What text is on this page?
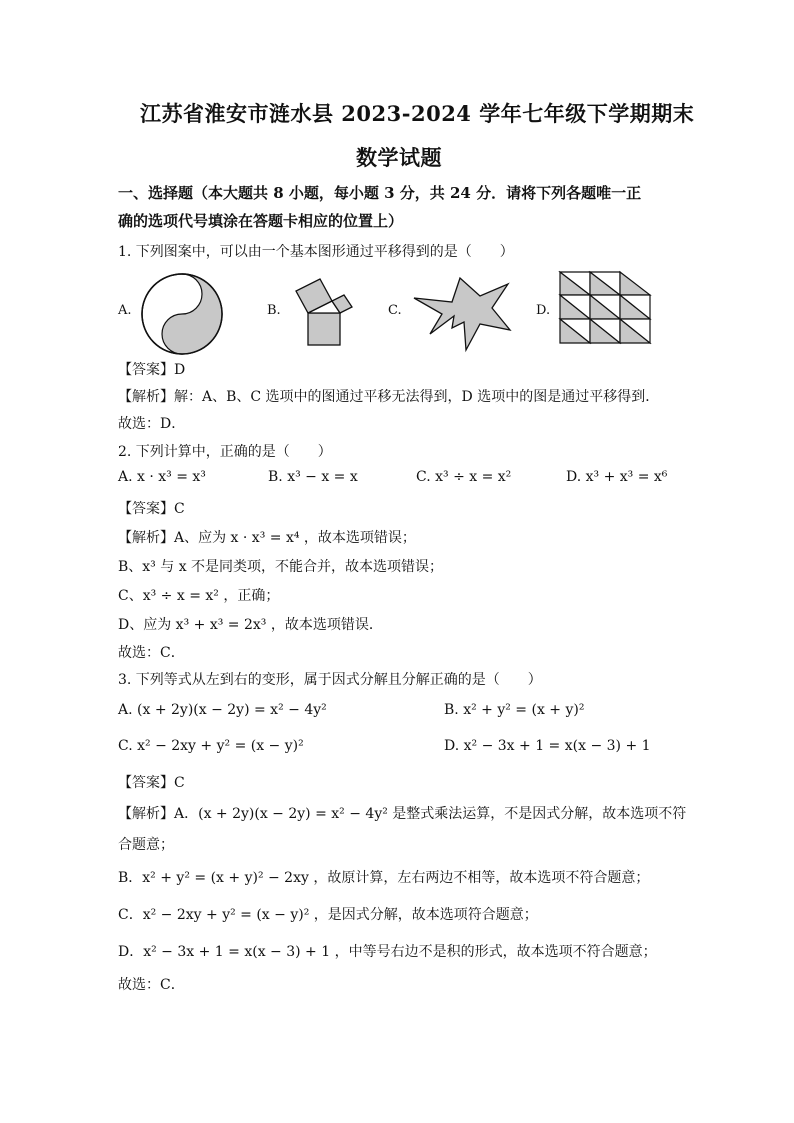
江苏省淮安市涟水县 2023-2024 学年七年级下学期期末
数学试题
一、选择题（本大题共 8 小题，每小题 3 分，共 24 分．请将下列各题唯一正
确的选项代号填涂在答题卡相应的位置上）
1. 下列图案中，可以由一个基本图形通过平移得到的是（　　）
A.	B.	C.	D.
【答案】D
【解析】解：A、B、C 选项中的图通过平移无法得到，D 选项中的图是通过平移得到．
故选：D．
2. 下列计算中，正确的是（　　）
A. x · x³ = x³	B. x³ − x = x	C. x³ ÷ x = x²	D. x³ + x³ = x⁶
【答案】C
【解析】A、应为 x · x³ = x⁴ ，故本选项错误；
B、x³ 与 x 不是同类项，不能合并，故本选项错误；
C、x³ ÷ x = x² ，正确；
D、应为 x³ + x³ = 2x³ ，故本选项错误．
故选：C．
3. 下列等式从左到右的变形，属于因式分解且分解正确的是（　　）
A. (x + 2y)(x − 2y) = x² − 4y²	B. x² + y² = (x + y)²
C. x² − 2xy + y² = (x − y)²	D. x² − 3x + 1 = x(x − 3) + 1
【答案】C
【解析】A．(x + 2y)(x − 2y) = x² − 4y² 是整式乘法运算，不是因式分解，故本选项不符
合题意；
B．x² + y² = (x + y)² − 2xy ，故原计算，左右两边不相等，故本选项不符合题意；
C．x² − 2xy + y² = (x − y)² ，是因式分解，故本选项符合题意；
D．x² − 3x + 1 = x(x − 3) + 1 ，中等号右边不是积的形式，故本选项不符合题意；
故选：C．
